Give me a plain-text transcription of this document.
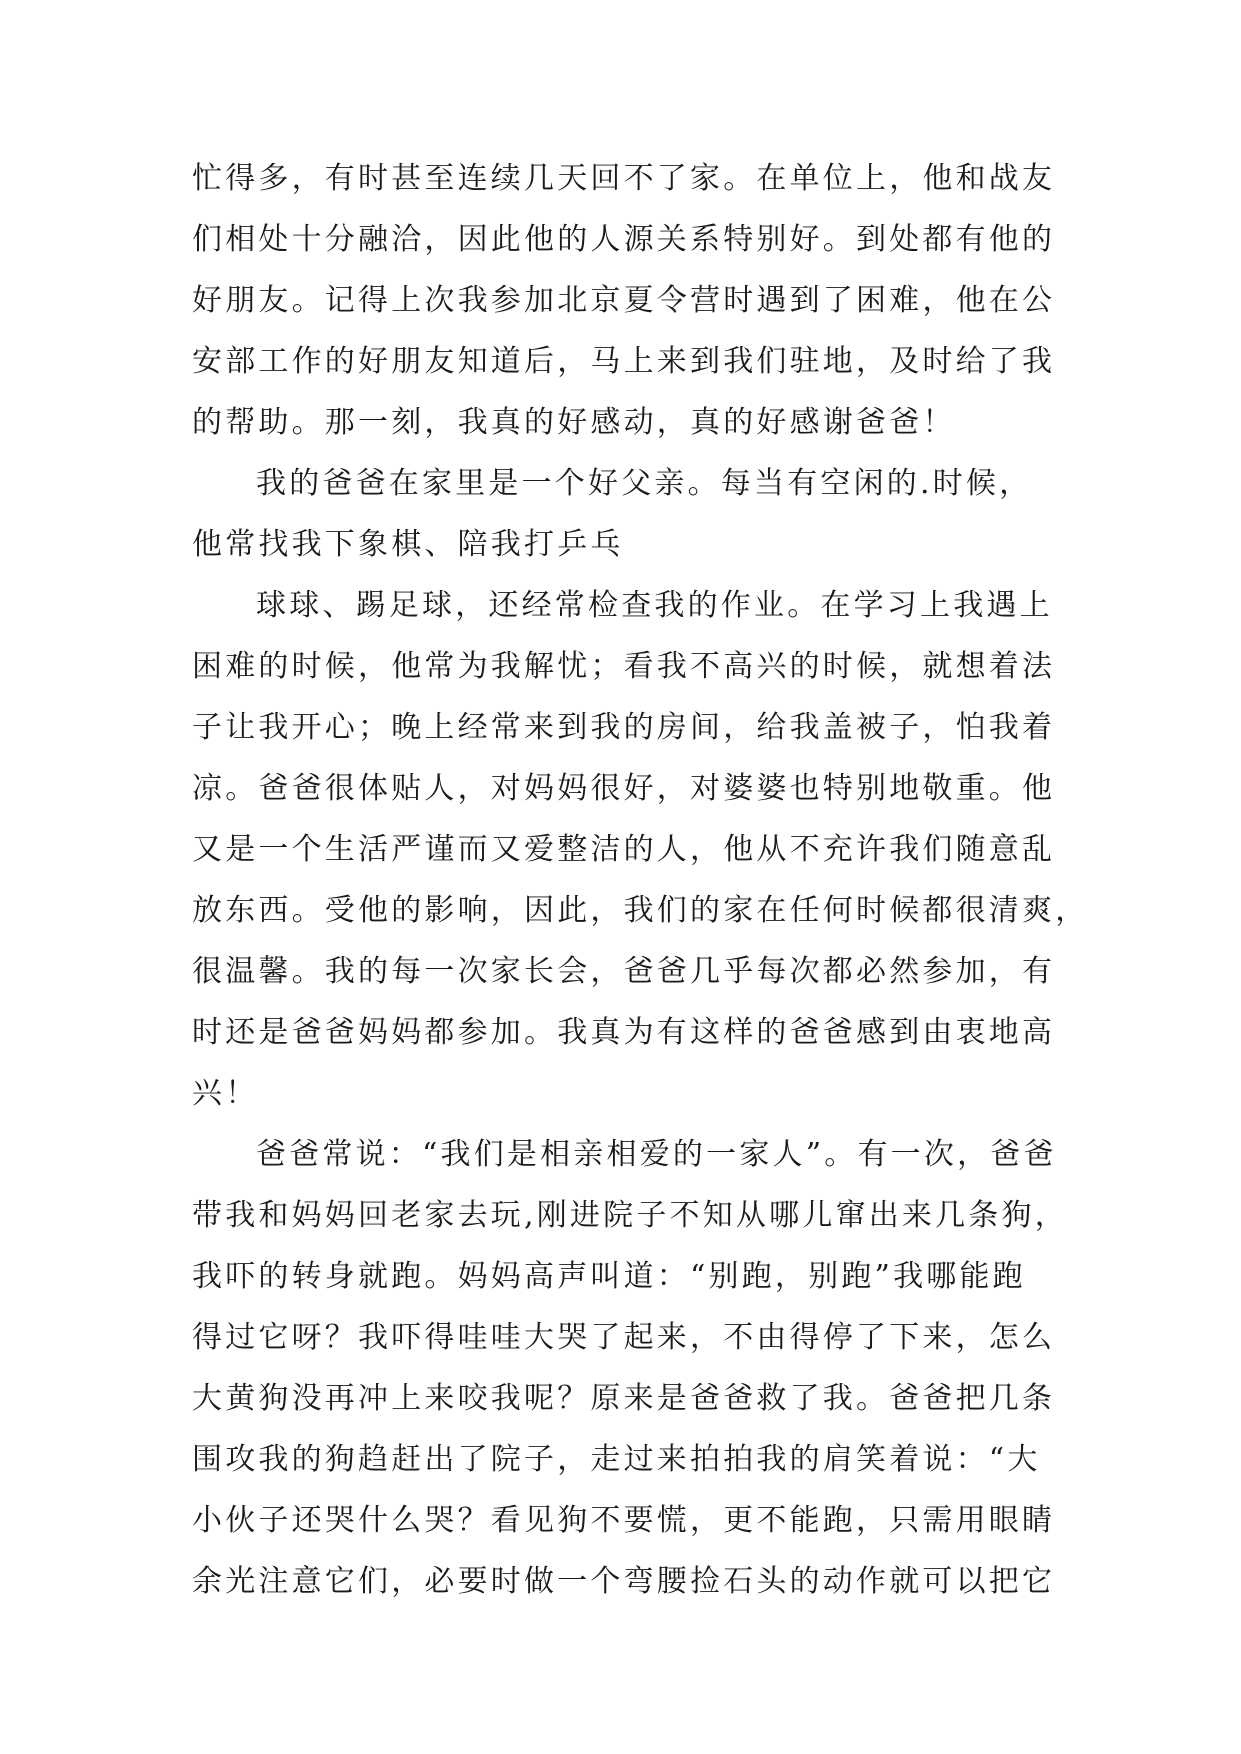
忙得多，有时甚至连续几天回不了家。在单位上，他和战友
们相处十分融洽，因此他的人源关系特别好。到处都有他的
好朋友。记得上次我参加北京夏令营时遇到了困难，他在公
安部工作的好朋友知道后，马上来到我们驻地，及时给了我
的帮助。那一刻，我真的好感动，真的好感谢爸爸！
我的爸爸在家里是一个好父亲。每当有空闲的.时候，
他常找我下象棋、陪我打乒乓
球球、踢足球，还经常检查我的作业。在学习上我遇上
困难的时候，他常为我解忧；看我不高兴的时候，就想着法
子让我开心；晚上经常来到我的房间，给我盖被子，怕我着
凉。爸爸很体贴人，对妈妈很好，对婆婆也特别地敬重。他
又是一个生活严谨而又爱整洁的人，他从不充许我们随意乱
放东西。受他的影响，因此，我们的家在任何时候都很清爽，
很温馨。我的每一次家长会，爸爸几乎每次都必然参加，有
时还是爸爸妈妈都参加。我真为有这样的爸爸感到由衷地高
兴！
爸爸常说：“我们是相亲相爱的一家人”。有一次，爸爸
带我和妈妈回老家去玩,刚进院子不知从哪儿窜出来几条狗，
我吓的转身就跑。妈妈高声叫道：“别跑，别跑”我哪能跑
得过它呀？我吓得哇哇大哭了起来，不由得停了下来，怎么
大黄狗没再冲上来咬我呢？原来是爸爸救了我。爸爸把几条
围攻我的狗趋赶出了院子，走过来拍拍我的肩笑着说：“大
小伙子还哭什么哭？看见狗不要慌，更不能跑，只需用眼睛
余光注意它们，必要时做一个弯腰捡石头的动作就可以把它
